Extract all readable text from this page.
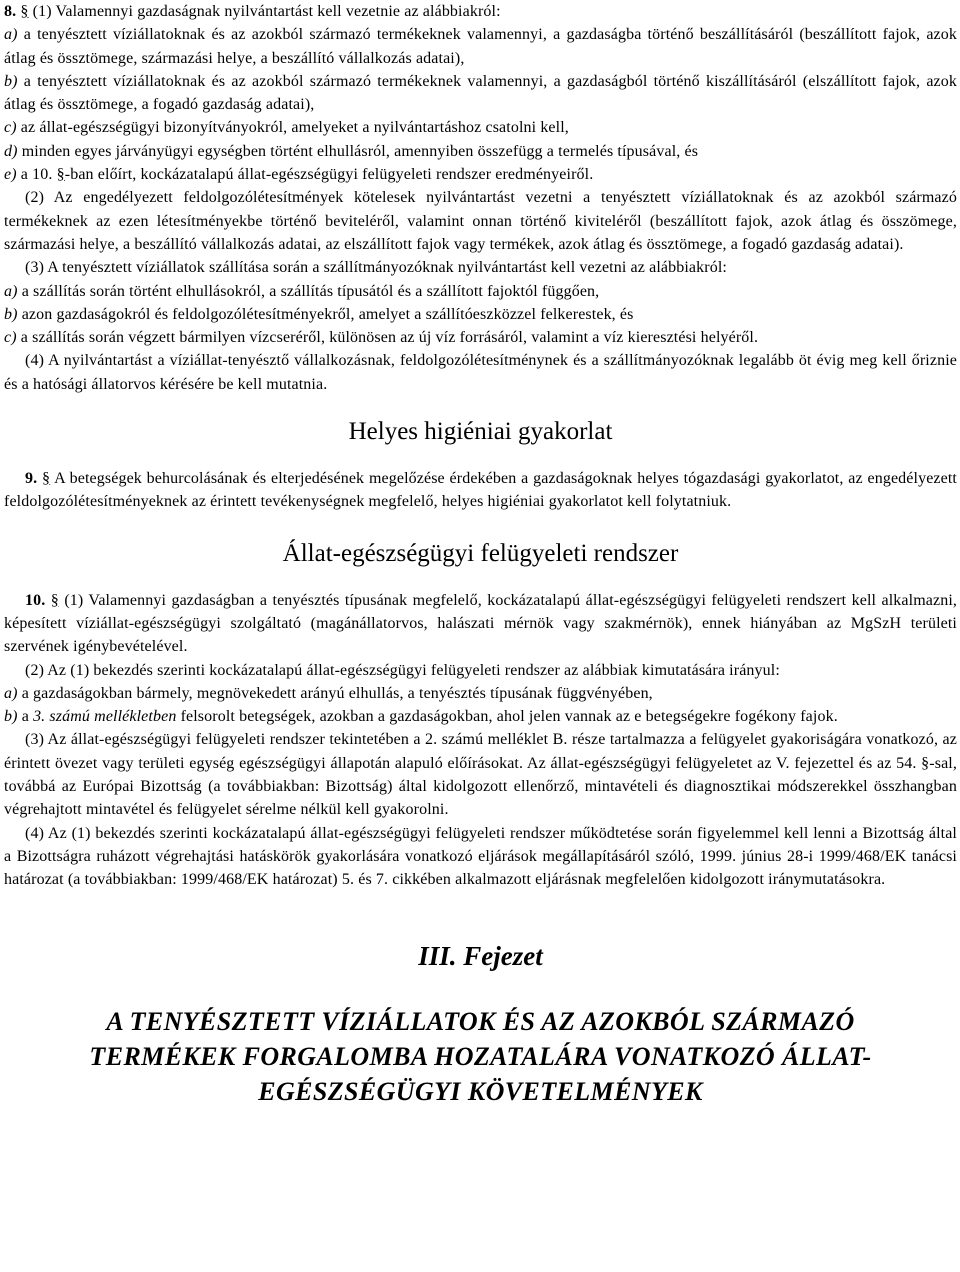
8. § (1) Valamennyi gazdaságnak nyilvántartást kell vezetnie az alábbiakról:

a) a tenyésztett víziállatoknak és az azokból származó termékeknek valamennyi, a gazdaságba történő beszállításáról (beszállított fajok, azok átlag és össztömege, származási helye, a beszállító vállalkozás adatai),

b) a tenyésztett víziállatoknak és az azokból származó termékeknek valamennyi, a gazdaságból történő kiszállításáról (elszállított fajok, azok átlag és össztömege, a fogadó gazdaság adatai),

c) az állat-egészségügyi bizonyítványokról, amelyeket a nyilvántartáshoz csatolni kell,

d) minden egyes járványügyi egységben történt elhullásról, amennyiben összefügg a termelés típusával, és

e) a 10. §-ban előírt, kockázatalapú állat-egészségügyi felügyeleti rendszer eredményeiről.

(2) Az engedélyezett feldolgozólétesítmények kötelesek nyilvántartást vezetni a tenyésztett víziállatoknak és az azokból származó termékeknek az ezen létesítményekbe történő beviteléről, valamint onnan történő kiviteléről (beszállított fajok, azok átlag és összömege, származási helye, a beszállító vállalkozás adatai, az elszállított fajok vagy termékek, azok átlag és össztömege, a fogadó gazdaság adatai).

(3) A tenyésztett víziállatok szállítása során a szállítmányozóknak nyilvántartást kell vezetni az alábbiakról:

a) a szállítás során történt elhullásokról, a szállítás típusától és a szállított fajoktól függően,

b) azon gazdaságokról és feldolgozólétesítményekről, amelyet a szállítóeszközzel felkerestek, és

c) a szállítás során végzett bármilyen vízcseréről, különösen az új víz forrásáról, valamint a víz kieresztési helyéről.

(4) A nyilvántartást a víziállat-tenyésztő vállalkozásnak, feldolgozólétesítménynek és a szállítmányozóknak legalább öt évig meg kell őriznie és a hatósági állatorvos kérésére be kell mutatnia.

Helyes higiéniai gyakorlat

9. § A betegségek behurcolásának és elterjedésének megelőzése érdekében a gazdaságoknak helyes tógazdasági gyakorlatot, az engedélyezett feldolgozólétesítményeknek az érintett tevékenységnek megfelelő, helyes higiéniai gyakorlatot kell folytatniuk.

Állat-egészségügyi felügyeleti rendszer

10. § (1) Valamennyi gazdaságban a tenyésztés típusának megfelelő, kockázatalapú állat-egészségügyi felügyeleti rendszert kell alkalmazni, képesített víziállat-egészségügyi szolgáltató (magánállatorvos, halászati mérnök vagy szakmérnök), ennek hiányában az MgSzH területi szervének igénybevételével.

(2) Az (1) bekezdés szerinti kockázatalapú állat-egészségügyi felügyeleti rendszer az alábbiak kimutatására irányul:

a) a gazdaságokban bármely, megnövekedett arányú elhullás, a tenyésztés típusának függvényében,

b) a 3. számú mellékletben felsorolt betegségek, azokban a gazdaságokban, ahol jelen vannak az e betegségekre fogékony fajok.

(3) Az állat-egészségügyi felügyeleti rendszer tekintetében a 2. számú melléklet B. része tartalmazza a felügyelet gyakoriságára vonatkozó, az érintett övezet vagy területi egység egészségügyi állapotán alapuló előírásokat. Az állat-egészségügyi felügyeletet az V. fejezettel és az 54. §-sal, továbbá az Európai Bizottság (a továbbiakban: Bizottság) által kidolgozott ellenőrző, mintavételi és diagnosztikai módszerekkel összhangban végrehajtott mintavétel és felügyelet sérelme nélkül kell gyakorolni.

(4) Az (1) bekezdés szerinti kockázatalapú állat-egészségügyi felügyeleti rendszer működtetése során figyelemmel kell lenni a Bizottság által a Bizottságra ruházott végrehajtási hatáskörök gyakorlására vonatkozó eljárások megállapításáról szóló, 1999. június 28-i 1999/468/EK tanácsi határozat (a továbbiakban: 1999/468/EK határozat) 5. és 7. cikkében alkalmazott eljárásnak megfelelően kidolgozott iránymutatásokra.

III. Fejezet
A TENYÉSZTETT VÍZIÁLLATOK ÉS AZ AZOKBÓL SZÁRMAZÓ TERMÉKEK FORGALOMBA HOZATALÁRA VONATKOZÓ ÁLLAT-EGÉSZSÉGÜGYI KÖVETELMÉNYEK
